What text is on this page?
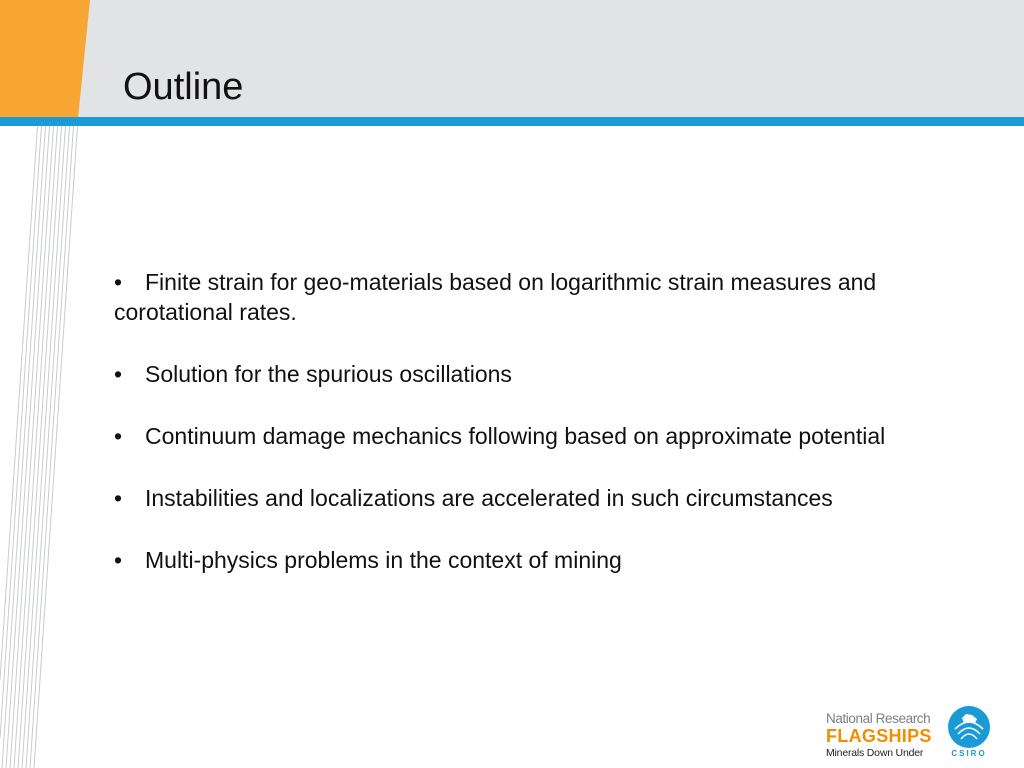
Outline
• Finite strain for geo-materials based on logarithmic strain measures and corotational rates.
• Solution for the spurious oscillations
• Continuum damage mechanics following based on approximate potential
• Instabilities and localizations are accelerated in such circumstances
• Multi-physics problems in the context of mining
National Research
FLAGSHIPS
Minerals Down Under	CSIRO
